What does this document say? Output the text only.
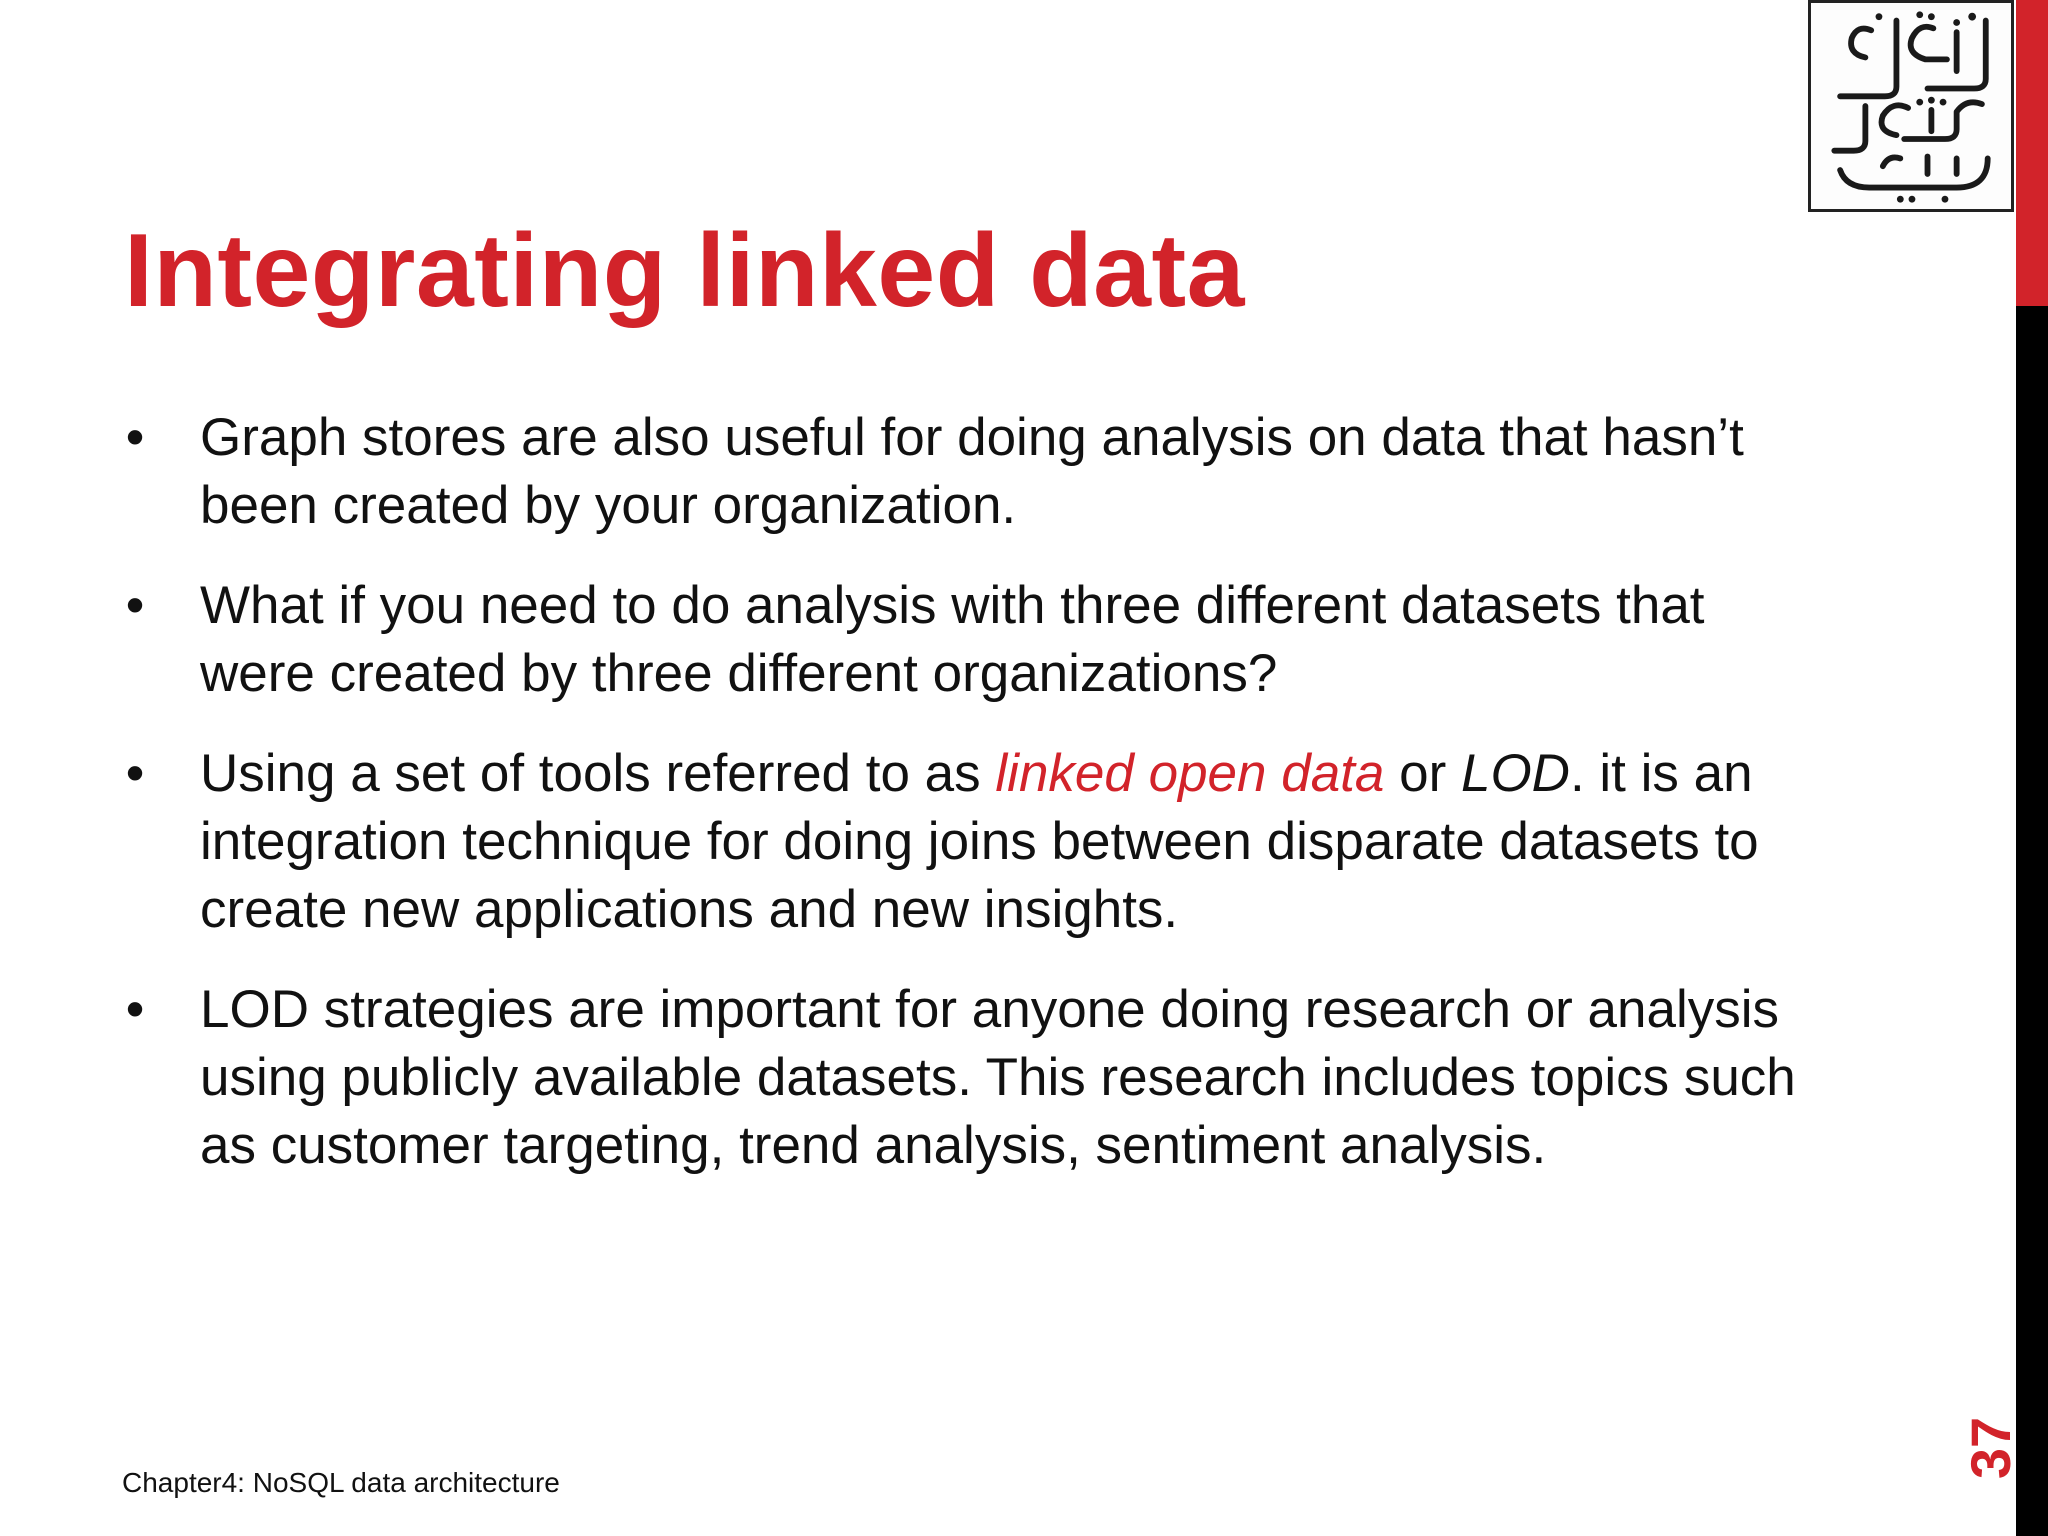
Integrating linked data
• Graph stores are also useful for doing analysis on data that hasn’t been created by your organization.
• What if you need to do analysis with three different datasets that were created by three different organizations?
• Using a set of tools referred to as linked open data or LOD. it is an integration technique for doing joins between disparate datasets to create new applications and new insights.
• LOD strategies are important for anyone doing research or analysis using publicly available datasets. This research includes topics such as customer targeting, trend analysis, sentiment analysis.
Chapter4: NoSQL data architecture
37
